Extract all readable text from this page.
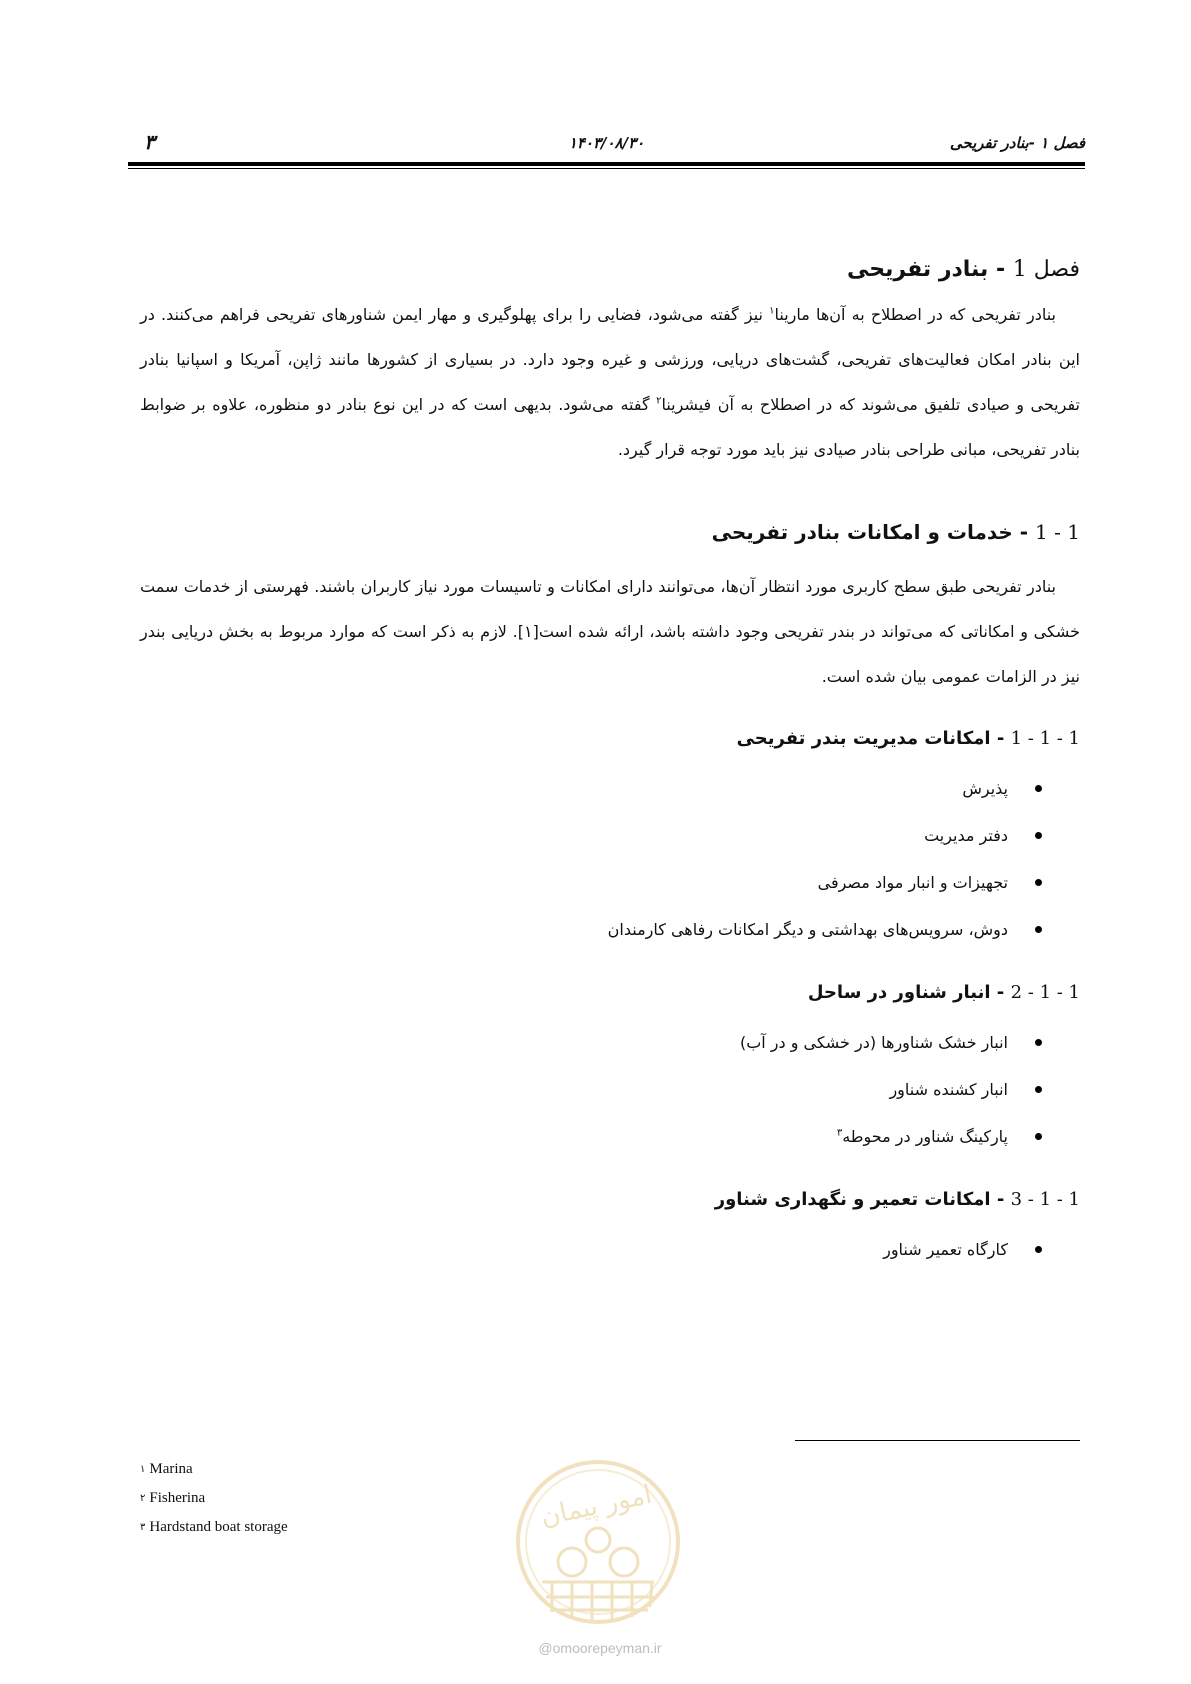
فصل ۱ -بنادر تفریحی
۱۴۰۳/۰۸/۳۰
۳
فصل 1 - بنادر تفریحی

بنادر تفریحی که در اصطلاح به آن‌ها مارینا$^۱$ نیز گفته می‌شود، فضایی را برای پهلوگیری و مهار ایمن شناورهای تفریحی فراهم می‌کنند. در این بنادر امکان فعالیت‌های تفریحی، گشت‌های دریایی، ورزشی و غیره وجود دارد. در بسیاری از کشورها مانند ژاپن، آمریکا و اسپانیا بنادر تفریحی و صیادی تلفیق می‌شوند که در اصطلاح به آن فیشرینا$^۲$ گفته می‌شود. بدیهی است که در این نوع بنادر دو منظوره، علاوه بر ضوابط بنادر تفریحی، مبانی طراحی بنادر صیادی نیز باید مورد توجه قرار گیرد.

1 - 1 - خدمات و امکانات بنادر تفریحی

بنادر تفریحی طبق سطح کاربری مورد انتظار آن‌ها، می‌توانند دارای امکانات و تاسیسات مورد نیاز کاربران باشند. فهرستی از خدمات سمت خشکی و امکاناتی که می‌تواند در بندر تفریحی وجود داشته باشد، ارائه شده است[۱]. لازم به ذکر است که موارد مربوط به بخش دریایی بندر نیز در الزامات عمومی بیان شده است.

1 - 1 - 1 - امکانات مدیریت بندر تفریحی
پذیرش
دفتر مدیریت
تجهیزات و انبار مواد مصرفی
دوش، سرویس‌های بهداشتی و دیگر امکانات رفاهی کارمندان
1 - 1 - 2 - انبار شناور در ساحل
انبار خشک شناورها (در خشکی و در آب)
انبار کشنده شناور
پارکینگ شناور در محوطه$^۳$
1 - 1 - 3 - امکانات تعمیر و نگهداری شناور
کارگاه تعمیر شناور
$^۱$ Marina
$^۲$ Fisherina
$^۳$ Hardstand boat storage	امور پیمان
@omoorepeyman.ir
